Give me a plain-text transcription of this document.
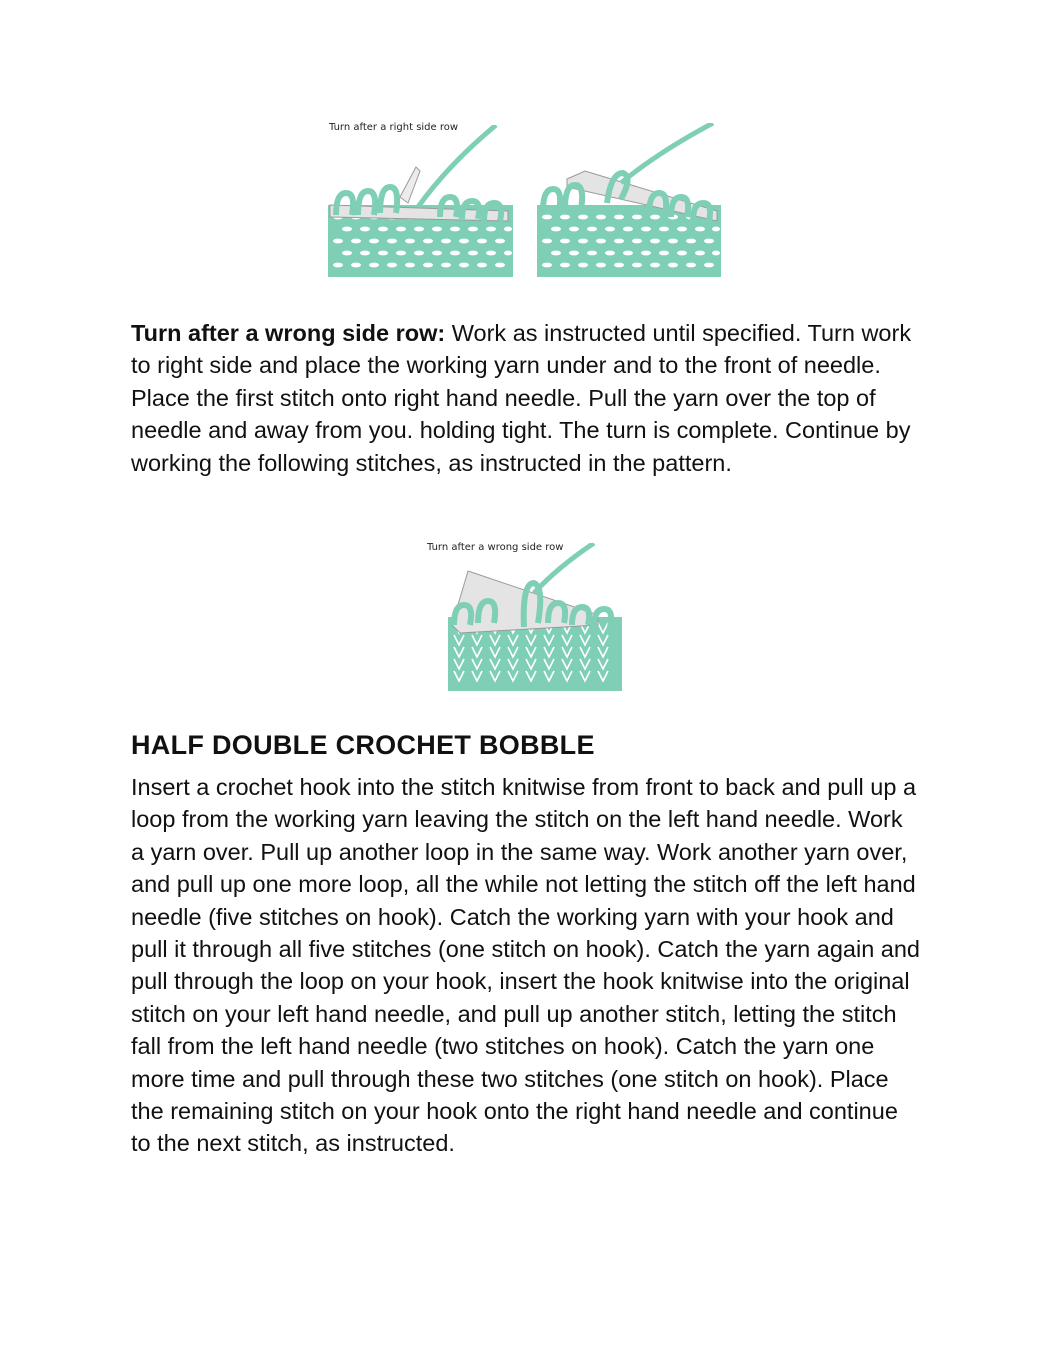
Turn after a right side row

Turn after a wrong side row: Work as instructed until specified. Turn work to right side and place the working yarn under and to the front of needle. Place the first stitch onto right hand needle. Pull the yarn over the top of needle and away from you. holding tight. The turn is complete. Continue by working the following stitches, as instructed in the pattern.

Turn after a wrong side row
HALF DOUBLE CROCHET BOBBLE

Insert a crochet hook into the stitch knitwise from front to back and pull up a loop from the working yarn leaving the stitch on the left hand needle. Work a yarn over. Pull up another loop in the same way. Work another yarn over, and pull up one more loop, all the while not letting the stitch off the left hand needle (five stitches on hook). Catch the working yarn with your hook and pull it through all five stitches (one stitch on hook). Catch the yarn again and pull through the loop on your hook, insert the hook knitwise into the original stitch on your left hand needle, and pull up another stitch, letting the stitch fall from the left hand needle (two stitches on hook). Catch the yarn one more time and pull through these two stitches (one stitch on hook). Place the remaining stitch on your hook onto the right hand needle and continue to the next stitch, as instructed.
